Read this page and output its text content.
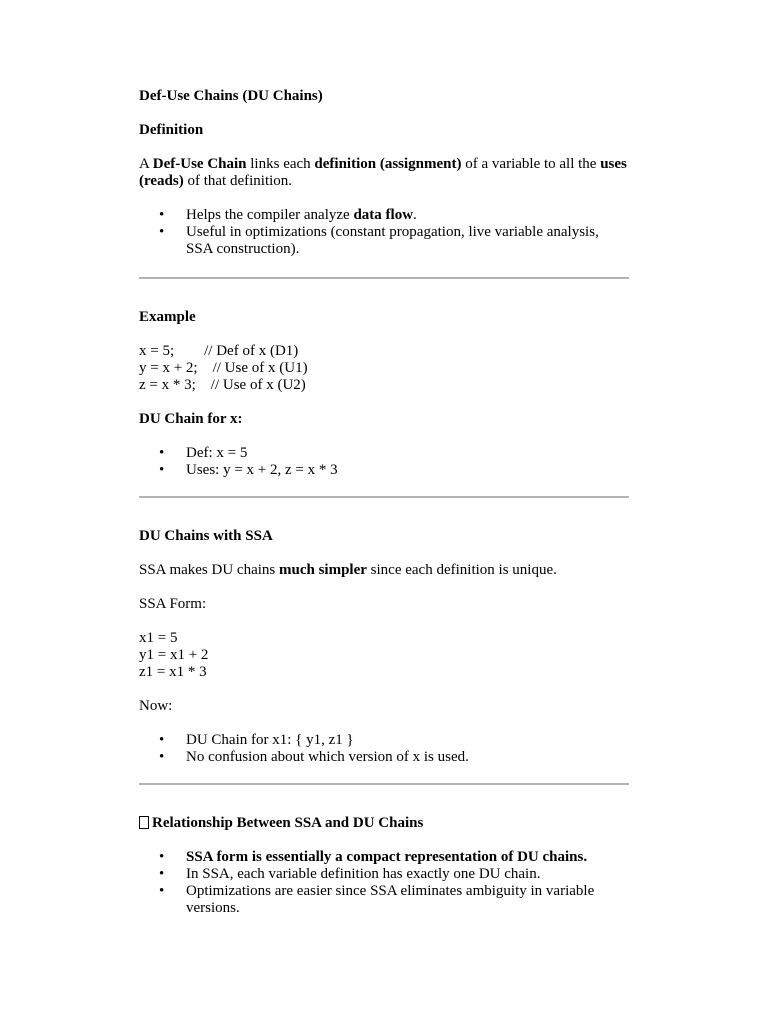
Def-Use Chains (DU Chains)

Definition

A Def-Use Chain links each definition (assignment) of a variable to all the uses (reads) of that definition.

• Helps the compiler analyze data flow.
• Useful in optimizations (constant propagation, live variable analysis, SSA construction).

Example

x = 5;        // Def of x (D1)
y = x + 2;    // Use of x (U1)
z = x * 3;    // Use of x (U2)

DU Chain for x:

• Def: x = 5
• Uses: y = x + 2, z = x * 3

DU Chains with SSA

SSA makes DU chains much simpler since each definition is unique.

SSA Form:

x1 = 5
y1 = x1 + 2
z1 = x1 * 3

Now:

• DU Chain for x1: { y1, z1 }
• No confusion about which version of x is used.

Relationship Between SSA and DU Chains

• SSA form is essentially a compact representation of DU chains.
• In SSA, each variable definition has exactly one DU chain.
• Optimizations are easier since SSA eliminates ambiguity in variable versions.
